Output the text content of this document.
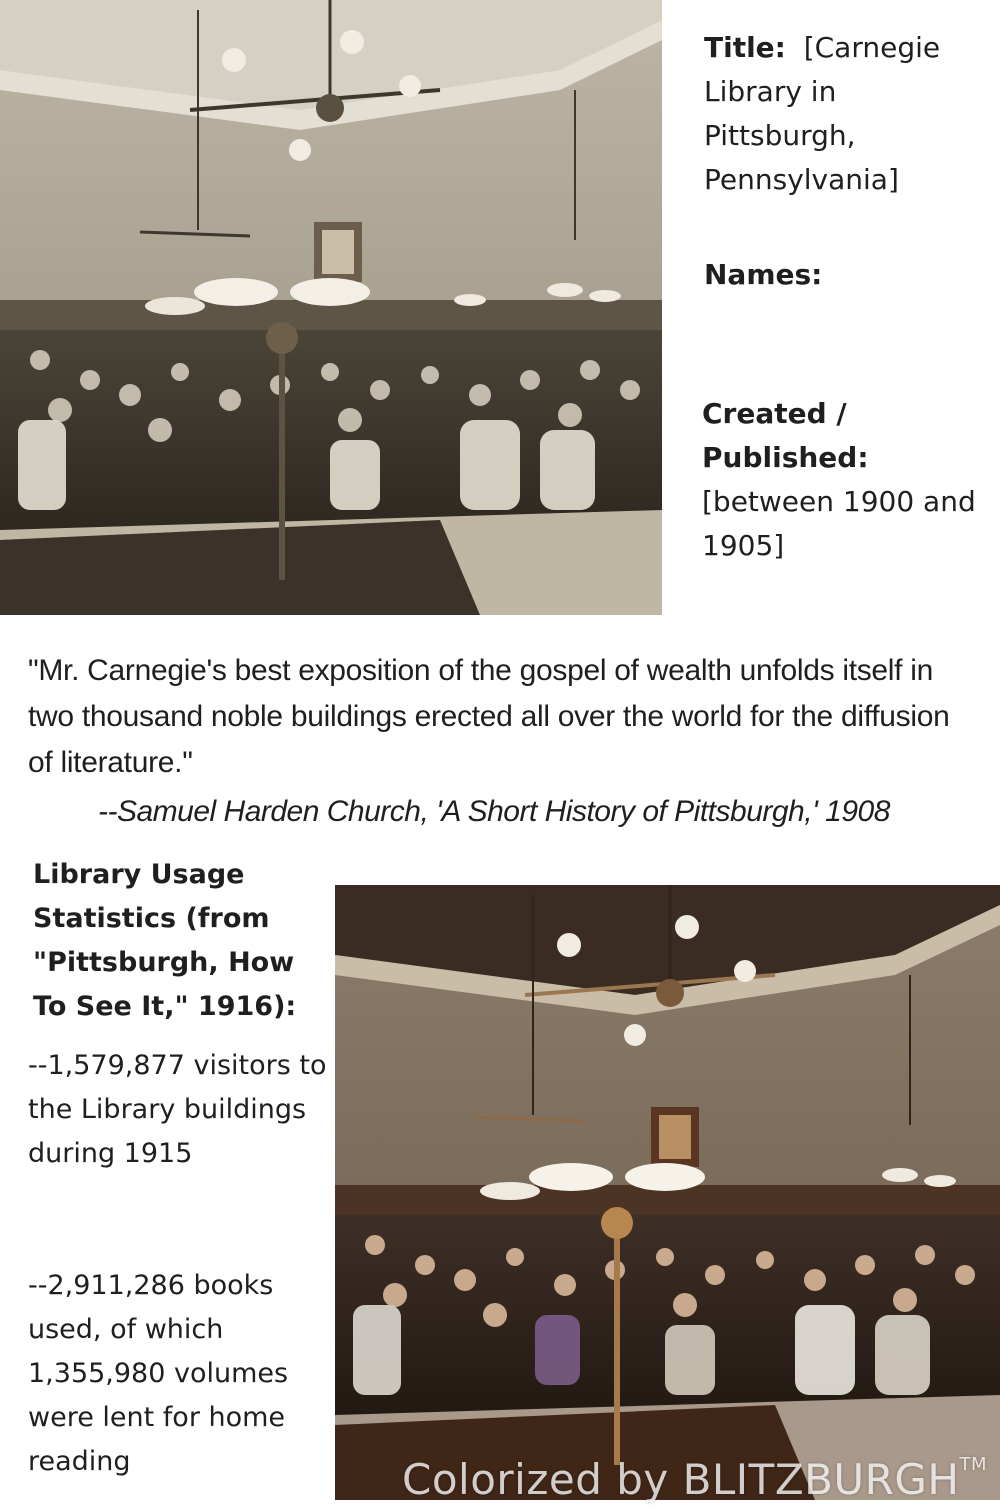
Title: [Carnegie Library in Pittsburgh, Pennsylvania]
Names:
Created / Published:
[between 1900 and 1905]
"Mr. Carnegie's best exposition of the gospel of wealth unfolds itself in two thousand noble buildings erected all over the world for the diffusion of literature."
--Samuel Harden Church, 'A Short History of Pittsburgh,' 1908
Library Usage Statistics (from "Pittsburgh, How To See It," 1916):
--1,579,877 visitors to the Library buildings during 1915
--2,911,286 books used, of which 1,355,980 volumes were lent for home reading	Colorized by BLITZBURGH™
